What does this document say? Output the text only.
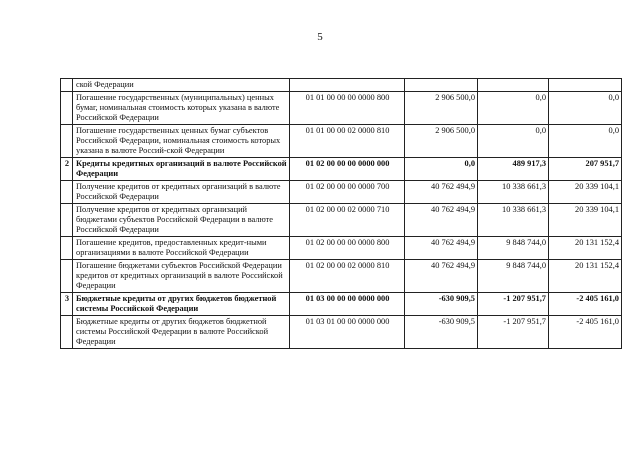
5
	ской Федерации				
	Погашение государственных (муниципальных) ценных бумаг, номинальная стоимость которых указана в валюте Российской Федерации	01 01 00 00 00 0000 800	2 906 500,0	0,0	0,0
	Погашение государственных ценных бумаг субъектов Российской Федерации, номинальная стоимость которых указана в валюте Россий-ской Федерации	01 01 00 00 02 0000 810	2 906 500,0	0,0	0,0
2	Кредиты кредитных организаций в валюте Российской Федерации	01 02 00 00 00 0000 000	0,0	489 917,3	207 951,7
	Получение кредитов от кредитных организаций в валюте Российской Федерации	01 02 00 00 00 0000 700	40 762 494,9	10 338 661,3	20 339 104,1
	Получение кредитов от кредитных организаций бюджетами субъектов Российской Федерации в валюте Российской Федерации	01 02 00 00 02 0000 710	40 762 494,9	10 338 661,3	20 339 104,1
	Погашение кредитов, предоставленных кредит-ными организациями в валюте Российской Федерации	01 02 00 00 00 0000 800	40 762 494,9	9 848 744,0	20 131 152,4
	Погашение бюджетами субъектов Российской Федерации кредитов от кредитных организаций в валюте Российской Федерации	01 02 00 00 02 0000 810	40 762 494,9	9 848 744,0	20 131 152,4
3	Бюджетные кредиты от других бюджетов бюджетной системы Российской Федерации	01 03 00 00 00 0000 000	-630 909,5	-1 207 951,7	-2 405 161,0
	Бюджетные кредиты от других бюджетов бюджетной системы Российской Федерации в валюте Российской Федерации	01 03 01 00 00 0000 000	-630 909,5	-1 207 951,7	-2 405 161,0
